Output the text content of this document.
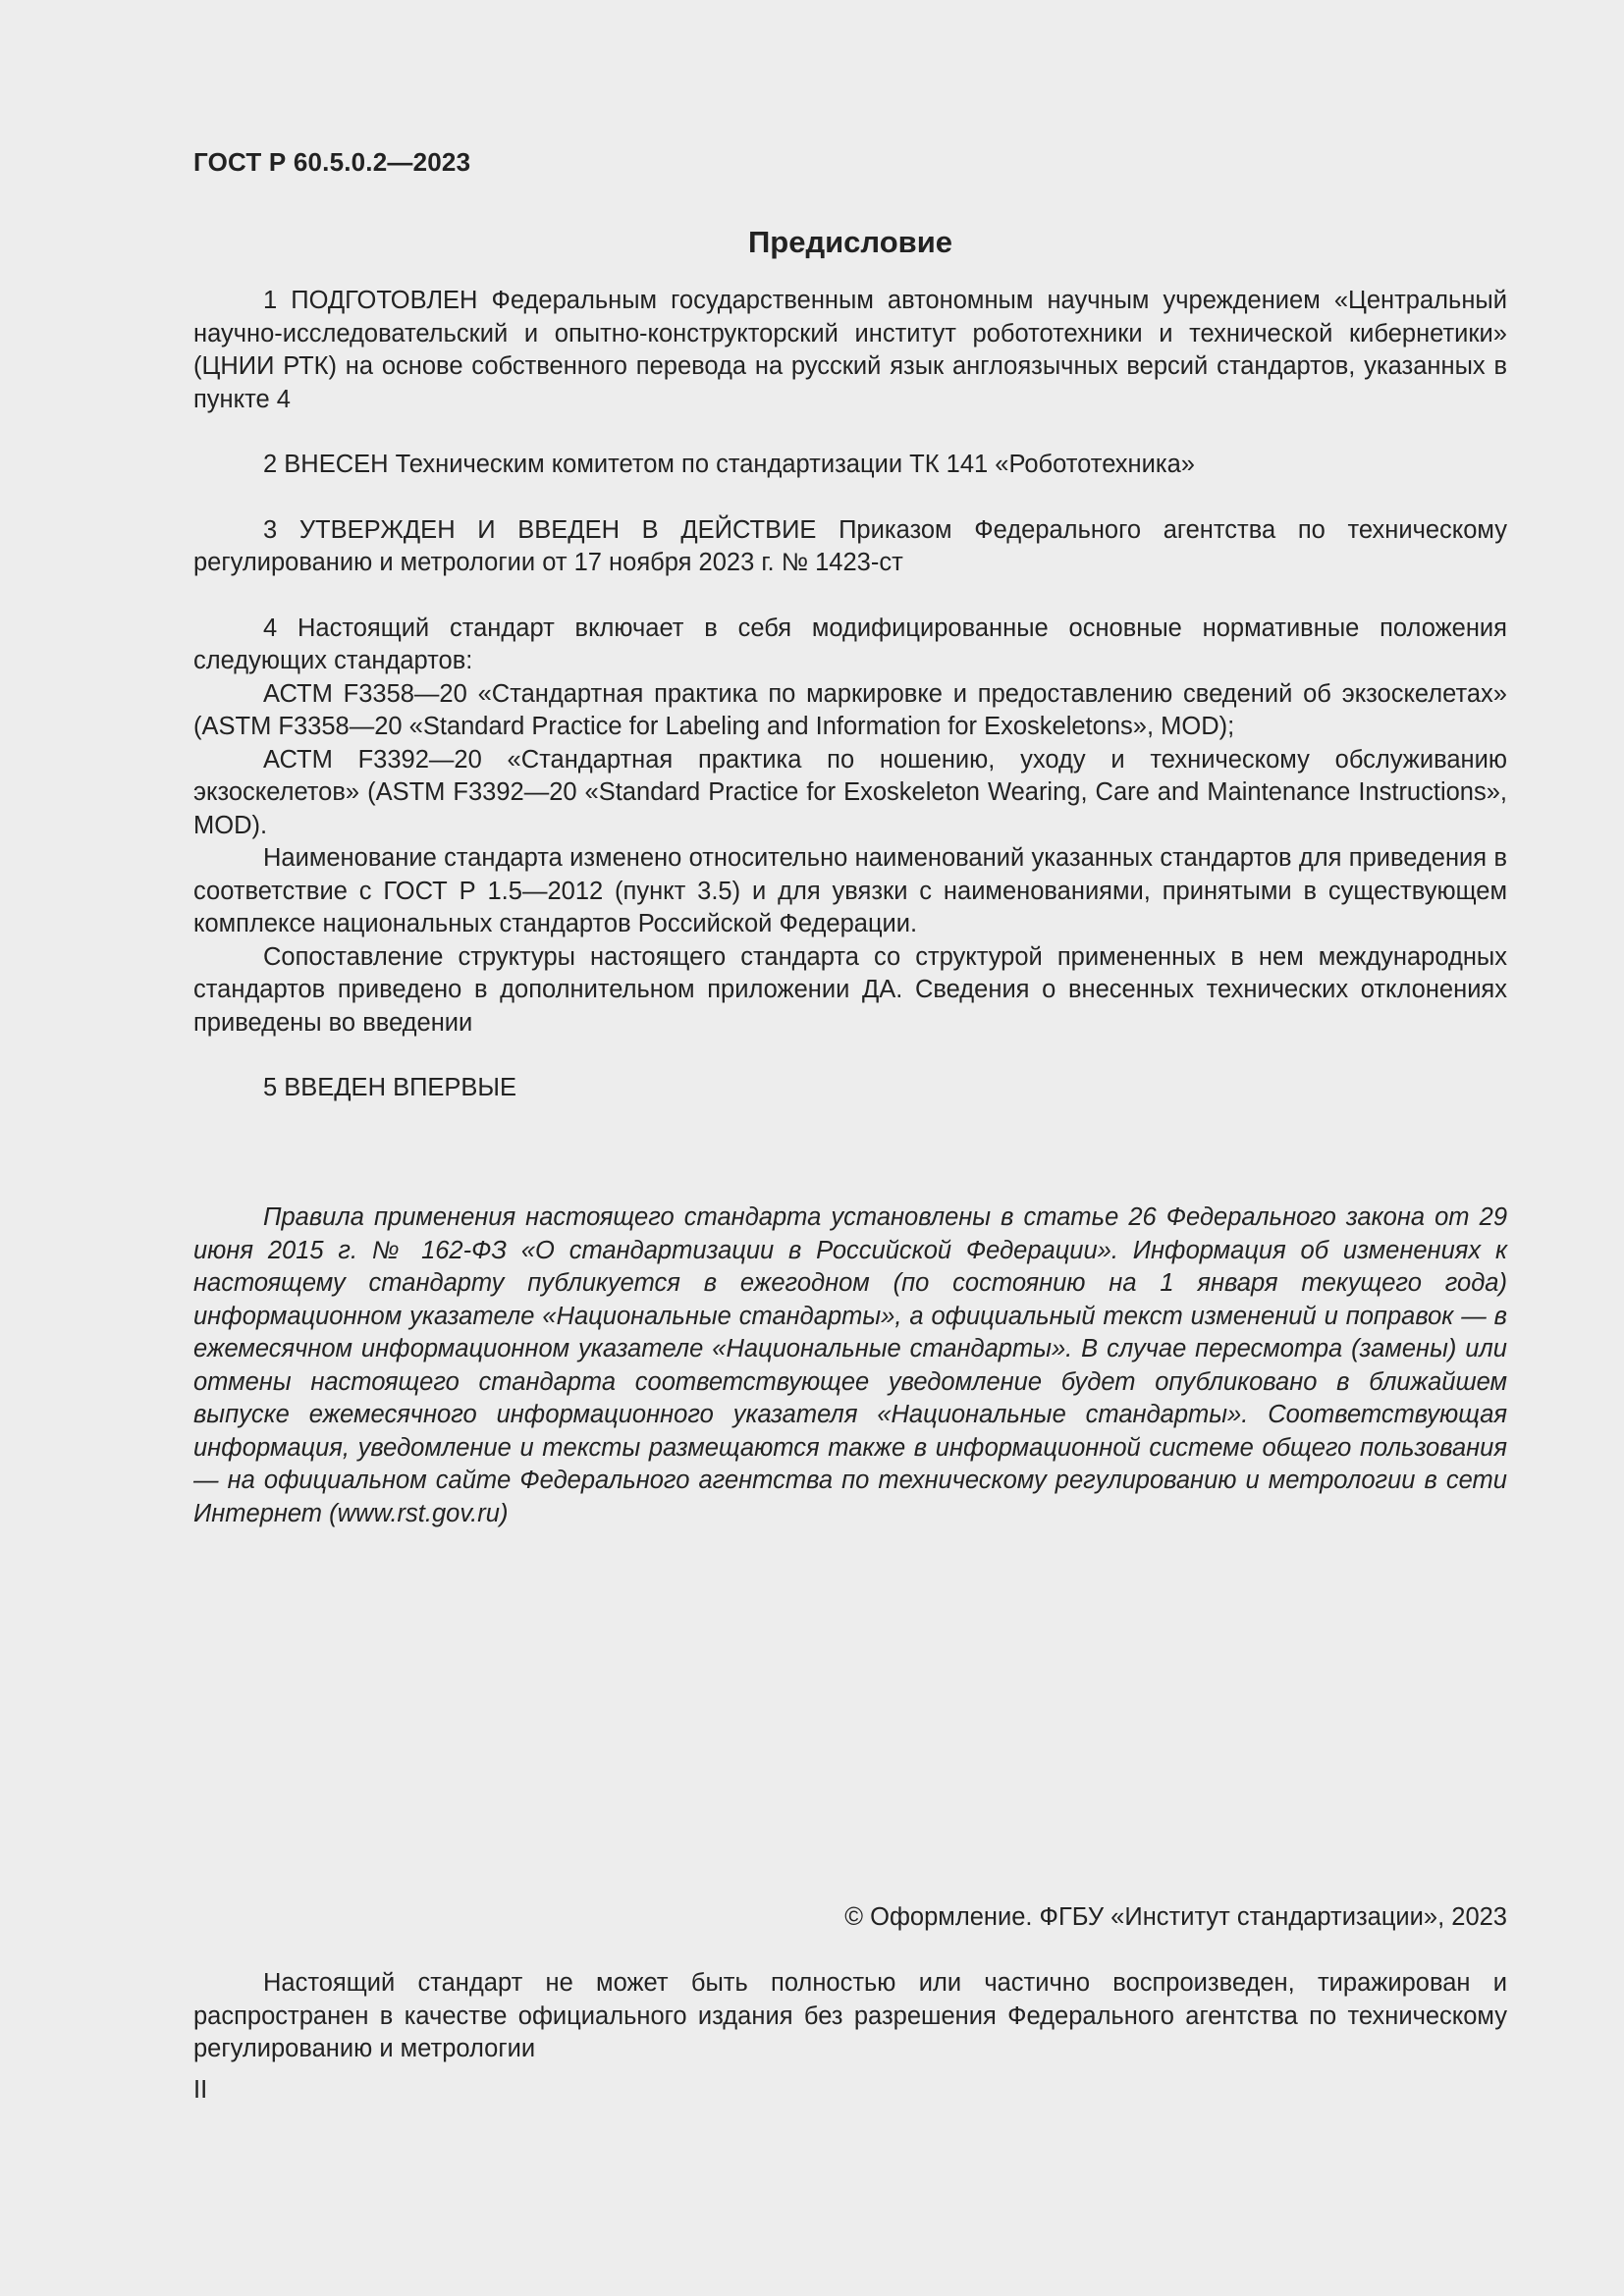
ГОСТ Р 60.5.0.2—2023
Предисловие

1 ПОДГОТОВЛЕН Федеральным государственным автономным научным учреждением «Центральный научно-исследовательский и опытно-конструкторский институт робототехники и технической кибернетики» (ЦНИИ РТК) на основе собственного перевода на русский язык англоязычных версий стандартов, указанных в пункте 4

2 ВНЕСЕН Техническим комитетом по стандартизации ТК 141 «Робототехника»

3 УТВЕРЖДЕН И ВВЕДЕН В ДЕЙСТВИЕ Приказом Федерального агентства по техническому регулированию и метрологии от 17 ноября 2023 г. № 1423-ст

4 Настоящий стандарт включает в себя модифицированные основные нормативные положения следующих стандартов:

АСТМ F3358—20 «Стандартная практика по маркировке и предоставлению сведений об экзоскелетах» (ASTM F3358—20 «Standard Practice for Labeling and Information for Exoskeletons», MOD);

АСТМ F3392—20 «Стандартная практика по ношению, уходу и техническому обслуживанию экзоскелетов» (ASTM F3392—20 «Standard Practice for Exoskeleton Wearing, Care and Maintenance Instructions», MOD).

Наименование стандарта изменено относительно наименований указанных стандартов для приведения в соответствие с ГОСТ Р 1.5—2012 (пункт 3.5) и для увязки с наименованиями, принятыми в существующем комплексе национальных стандартов Российской Федерации.

Сопоставление структуры настоящего стандарта со структурой примененных в нем международных стандартов приведено в дополнительном приложении ДА. Сведения о внесенных технических отклонениях приведены во введении

5 ВВЕДЕН ВПЕРВЫЕ

Правила применения настоящего стандарта установлены в статье 26 Федерального закона от 29 июня 2015 г. № 162-ФЗ «О стандартизации в Российской Федерации». Информация об изменениях к настоящему стандарту публикуется в ежегодном (по состоянию на 1 января текущего года) информационном указателе «Национальные стандарты», а официальный текст изменений и поправок — в ежемесячном информационном указателе «Национальные стандарты». В случае пересмотра (замены) или отмены настоящего стандарта соответствующее уведомление будет опубликовано в ближайшем выпуске ежемесячного информационного указателя «Национальные стандарты». Соответствующая информация, уведомление и тексты размещаются также в информационной системе общего пользования — на официальном сайте Федерального агентства по техническому регулированию и метрологии в сети Интернет (www.rst.gov.ru)

© Оформление. ФГБУ «Институт стандартизации», 2023

Настоящий стандарт не может быть полностью или частично воспроизведен, тиражирован и распространен в качестве официального издания без разрешения Федерального агентства по техническому регулированию и метрологии

II
